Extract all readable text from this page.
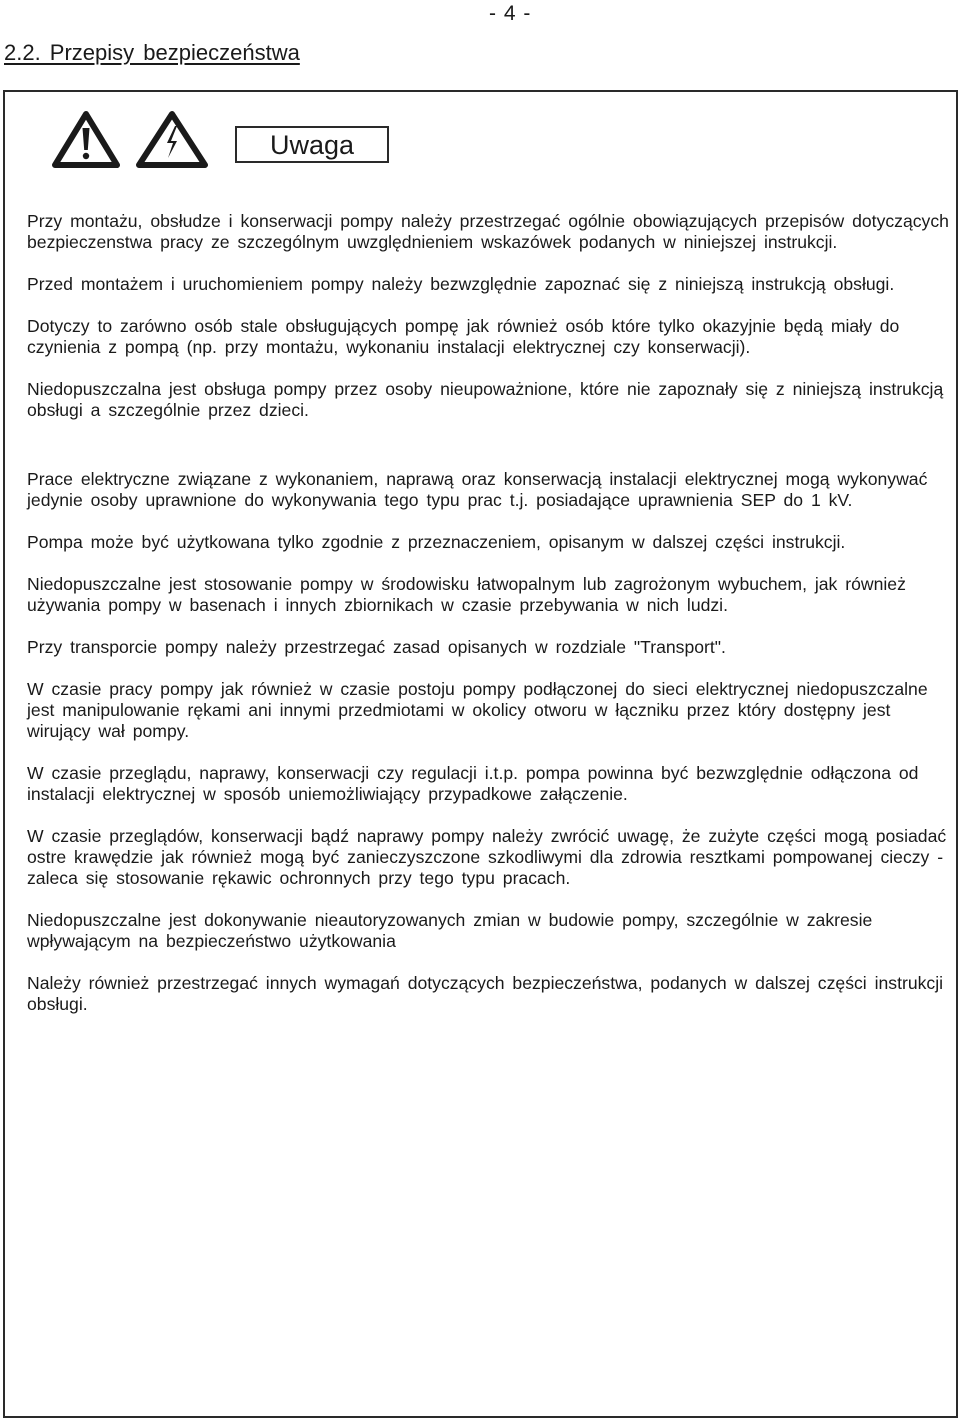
- 4 -
2.2. Przepisy bezpieczeństwa
Uwaga

Przy montażu, obsłudze i konserwacji pompy należy przestrzegać ogólnie obowiązujących przepisów dotyczących bezpieczenstwa pracy ze szczególnym uwzględnieniem wskazówek podanych w niniejszej instrukcji.

Przed montażem i uruchomieniem pompy należy bezwzględnie zapoznać się z niniejszą instrukcją obsługi.

Dotyczy to zarówno osób stale obsługujących pompę jak również osób które tylko okazyjnie będą miały do czynienia z pompą (np. przy montażu, wykonaniu instalacji elektrycznej czy konserwacji).

Niedopuszczalna jest obsługa pompy przez osoby nieupoważnione, które nie zapoznały się z niniejszą instrukcją obsługi a szczególnie przez dzieci.

Prace elektryczne związane z wykonaniem, naprawą oraz konserwacją instalacji elektrycznej mogą wykonywać jedynie osoby uprawnione do wykonywania tego typu prac t.j. posiadające uprawnienia SEP do 1 kV.

Pompa może być użytkowana tylko zgodnie z przeznaczeniem, opisanym w dalszej części instrukcji.

Niedopuszczalne jest stosowanie pompy w środowisku łatwopalnym lub zagrożonym wybuchem, jak również używania pompy w basenach i innych zbiornikach w czasie przebywania w nich ludzi.

Przy transporcie pompy należy przestrzegać zasad opisanych w rozdziale "Transport".

W czasie pracy pompy jak również w czasie postoju pompy podłączonej do sieci elektrycznej niedopuszczalne jest manipulowanie rękami ani innymi przedmiotami w okolicy otworu w łączniku przez który dostępny jest wirujący wał pompy.

W czasie przeglądu, naprawy, konserwacji czy regulacji i.t.p. pompa powinna być bezwzględnie odłączona od instalacji elektrycznej w sposób uniemożliwiający przypadkowe załączenie.

W czasie przeglądów, konserwacji bądź naprawy pompy należy zwrócić uwagę, że zużyte części mogą posiadać ostre krawędzie jak również mogą być zanieczyszczone szkodliwymi dla zdrowia resztkami pompowanej cieczy - zaleca się stosowanie rękawic ochronnych przy tego typu pracach.

Niedopuszczalne jest dokonywanie nieautoryzowanych zmian w budowie pompy, szczególnie w zakresie wpływającym na bezpieczeństwo użytkowania

Należy również przestrzegać innych wymagań dotyczących bezpieczeństwa, podanych w dalszej części instrukcji obsługi.
